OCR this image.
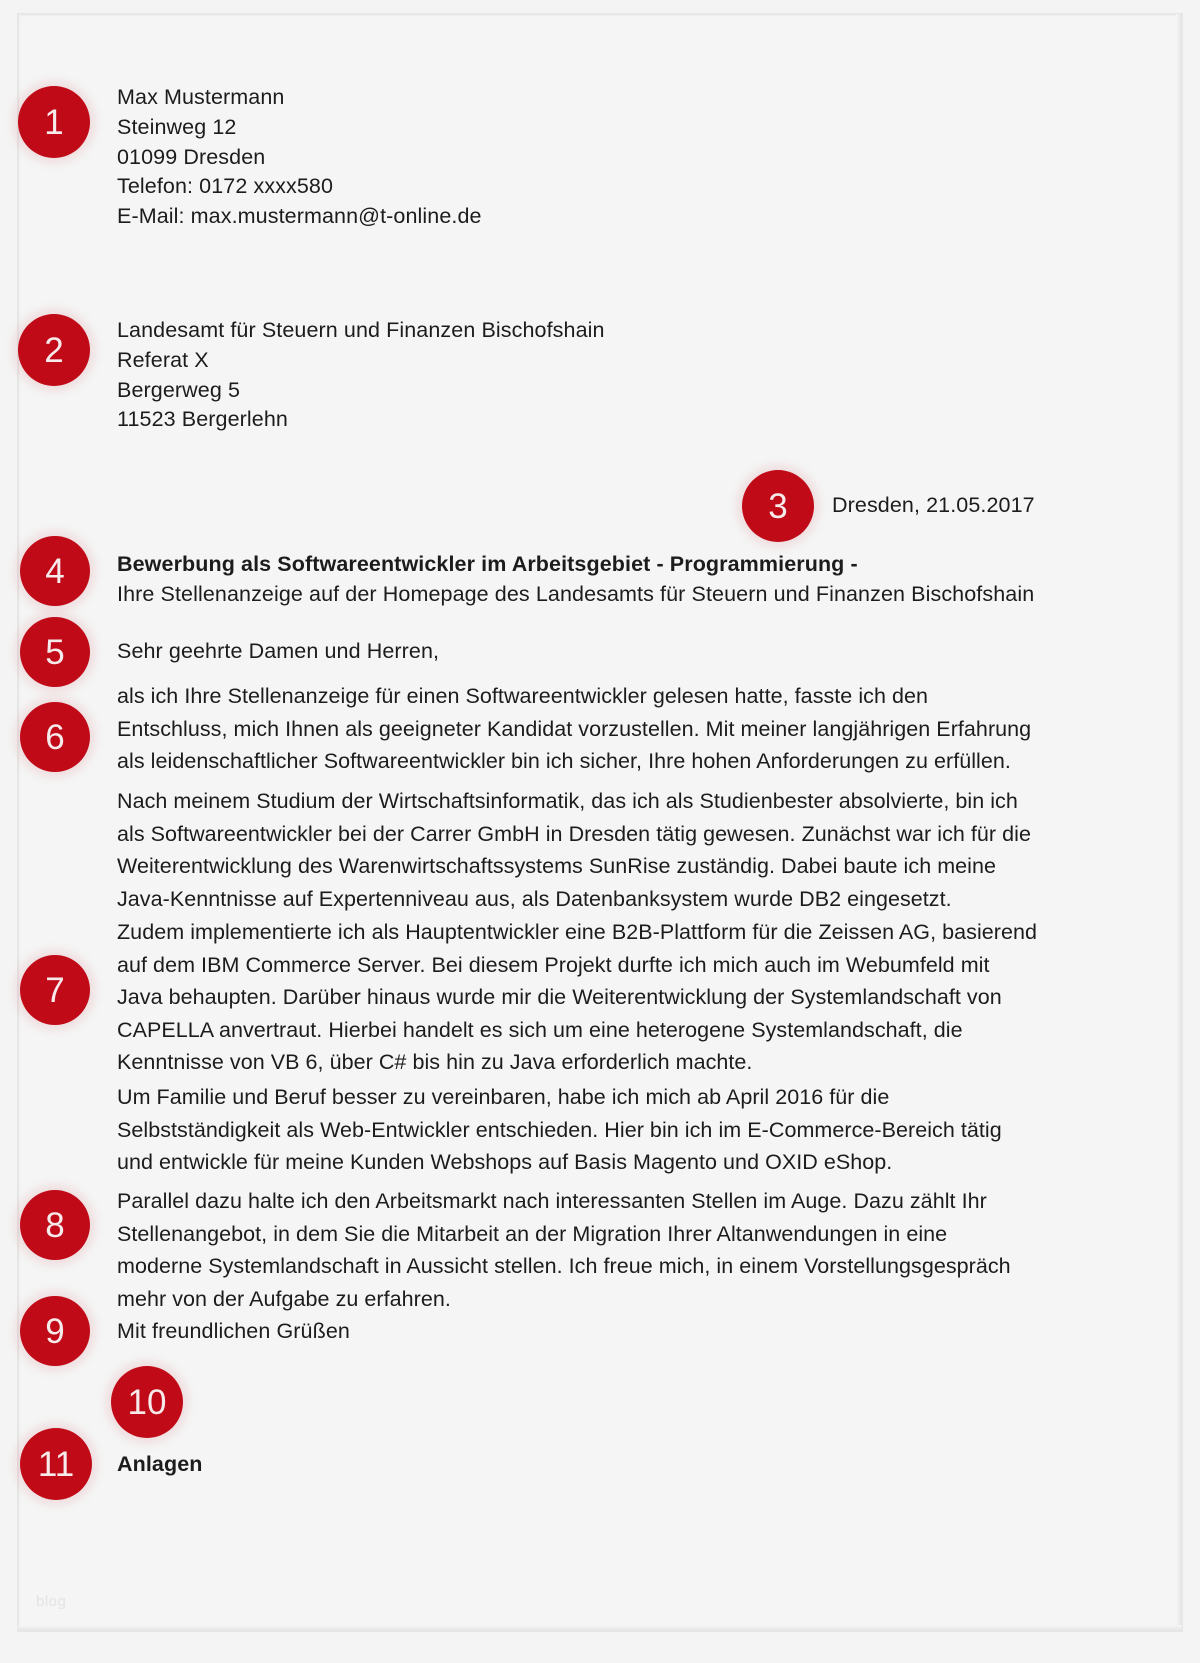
1
Max Mustermann
Steinweg 12
01099 Dresden
Telefon: 0172 xxxx580
E-Mail: max.mustermann@t-online.de
2
Landesamt für Steuern und Finanzen Bischofshain
Referat X
Bergerweg 5
11523 Bergerlehn
3	Dresden, 21.05.2017
4	Bewerbung als Softwareentwickler im Arbeitsgebiet - Programmierung -
Ihre Stellenanzeige auf der Homepage des Landesamts für Steuern und Finanzen Bischofshain
5	Sehr geehrte Damen und Herren,
6
als ich Ihre Stellenanzeige für einen Softwareentwickler gelesen hatte, fasste ich den Entschluss, mich Ihnen als geeigneter Kandidat vorzustellen. Mit meiner langjährigen Erfahrung als leidenschaftlicher Softwareentwickler bin ich sicher, Ihre hohen Anforderungen zu erfüllen.
Nach meinem Studium der Wirtschaftsinformatik, das ich als Studienbester absolvierte, bin ich als Softwareentwickler bei der Carrer GmbH in Dresden tätig gewesen. Zunächst war ich für die Weiterentwicklung des Warenwirtschaftssystems SunRise zuständig. Dabei baute ich meine Java-Kenntnisse auf Expertenniveau aus, als Datenbanksystem wurde DB2 eingesetzt.
7
Zudem implementierte ich als Hauptentwickler eine B2B-Plattform für die Zeissen AG, basierend auf dem IBM Commerce Server. Bei diesem Projekt durfte ich mich auch im Webumfeld mit Java behaupten. Darüber hinaus wurde mir die Weiterentwicklung der Systemlandschaft von CAPELLA anvertraut. Hierbei handelt es sich um eine heterogene Systemlandschaft, die Kenntnisse von VB 6, über C# bis hin zu Java erforderlich machte.
Um Familie und Beruf besser zu vereinbaren, habe ich mich ab April 2016 für die Selbstständigkeit als Web-Entwickler entschieden. Hier bin ich im E-Commerce-Bereich tätig und entwickle für meine Kunden Webshops auf Basis Magento und OXID eShop.
8
Parallel dazu halte ich den Arbeitsmarkt nach interessanten Stellen im Auge. Dazu zählt Ihr Stellenangebot, in dem Sie die Mitarbeit an der Migration Ihrer Altanwendungen in eine moderne Systemlandschaft in Aussicht stellen. Ich freue mich, in einem Vorstellungsgespräch mehr von der Aufgabe zu erfahren.
9	Mit freundlichen Grüßen
10
11	Anlagen
blog
